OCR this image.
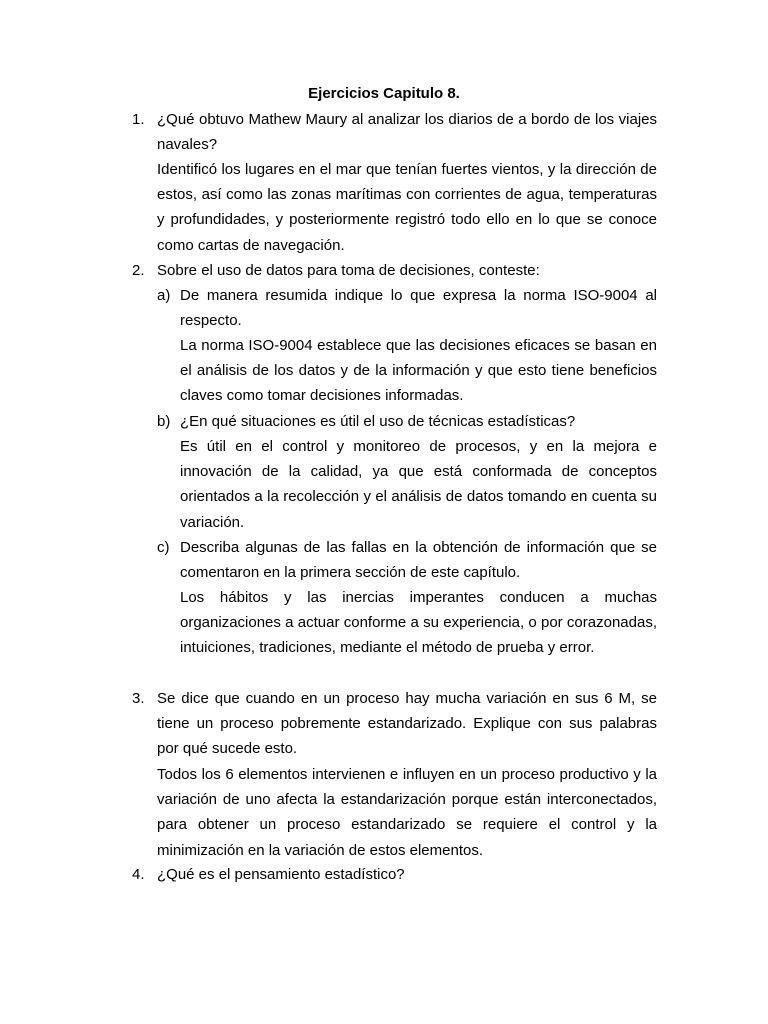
Ejercicios Capitulo 8.
1. ¿Qué obtuvo Mathew Maury al analizar los diarios de a bordo de los viajes navales?

Identificó los lugares en el mar que tenían fuertes vientos, y la dirección de estos, así como las zonas marítimas con corrientes de agua, temperaturas y profundidades, y posteriormente registró todo ello en lo que se conoce como cartas de navegación.

2. Sobre el uso de datos para toma de decisiones, conteste:

a) De manera resumida indique lo que expresa la norma ISO-9004 al respecto.

La norma ISO-9004 establece que las decisiones eficaces se basan en el análisis de los datos y de la información y que esto tiene beneficios claves como tomar decisiones informadas.

b) ¿En qué situaciones es útil el uso de técnicas estadísticas?

Es útil en el control y monitoreo de procesos, y en la mejora e innovación de la calidad, ya que está conformada de conceptos orientados a la recolección y el análisis de datos tomando en cuenta su variación.

c) Describa algunas de las fallas en la obtención de información que se comentaron en la primera sección de este capítulo.

Los hábitos y las inercias imperantes conducen a muchas organizaciones a actuar conforme a su experiencia, o por corazonadas, intuiciones, tradiciones, mediante el método de prueba y error.

3. Se dice que cuando en un proceso hay mucha variación en sus 6 M, se tiene un proceso pobremente estandarizado. Explique con sus palabras por qué sucede esto.

Todos los 6 elementos intervienen e influyen en un proceso productivo y la variación de uno afecta la estandarización porque están interconectados, para obtener un proceso estandarizado se requiere el control y la minimización en la variación de estos elementos.

4. ¿Qué es el pensamiento estadístico?
